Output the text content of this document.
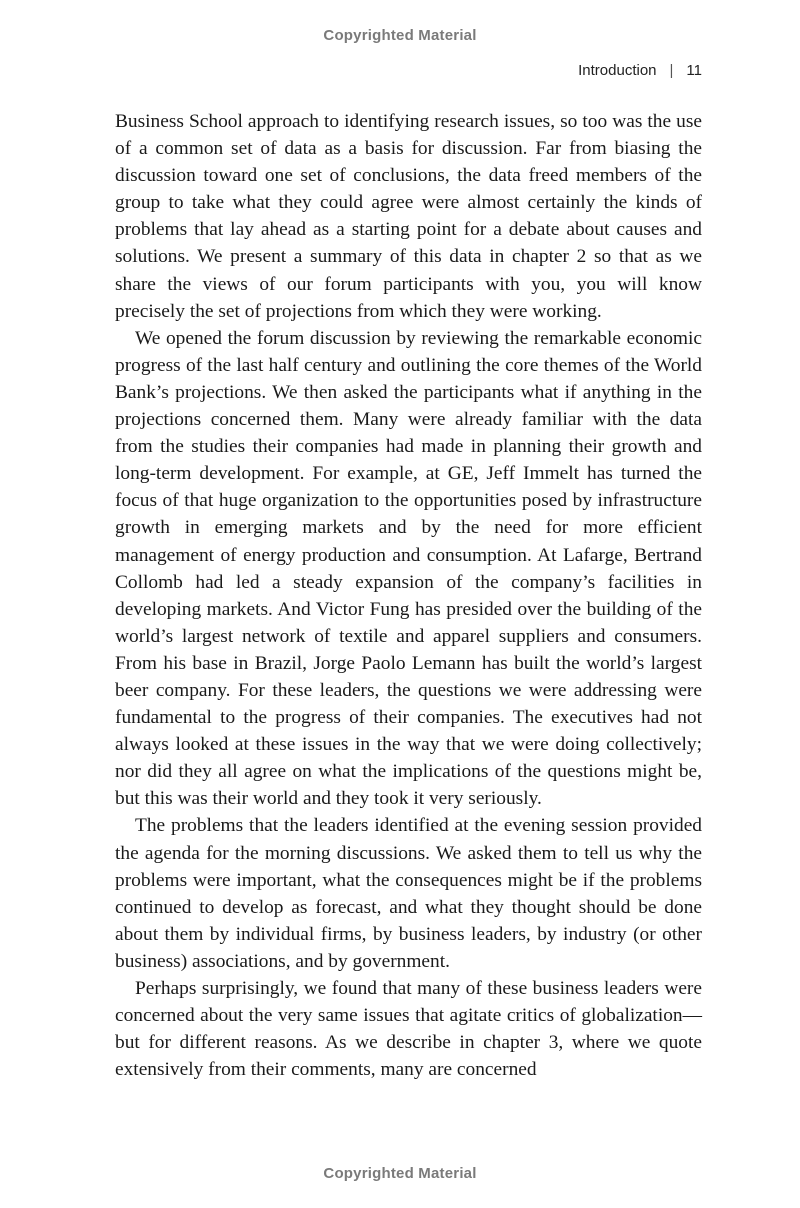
Copyrighted Material
Introduction | 11

Business School approach to identifying research issues, so too was the use of a common set of data as a basis for discussion. Far from biasing the discussion toward one set of conclusions, the data freed members of the group to take what they could agree were almost certainly the kinds of problems that lay ahead as a starting point for a debate about causes and solutions. We present a summary of this data in chapter 2 so that as we share the views of our forum participants with you, you will know precisely the set of projections from which they were working.

We opened the forum discussion by reviewing the remarkable economic progress of the last half century and outlining the core themes of the World Bank’s projections. We then asked the participants what if anything in the projections concerned them. Many were already familiar with the data from the studies their companies had made in planning their growth and long-term development. For example, at GE, Jeff Immelt has turned the focus of that huge organization to the opportunities posed by infrastructure growth in emerging markets and by the need for more efficient management of energy production and consumption. At Lafarge, Bertrand Collomb had led a steady expansion of the company’s facilities in developing markets. And Victor Fung has presided over the building of the world’s largest network of textile and apparel suppliers and consumers. From his base in Brazil, Jorge Paolo Lemann has built the world’s largest beer company. For these leaders, the questions we were addressing were fundamental to the progress of their companies. The executives had not always looked at these issues in the way that we were doing collectively; nor did they all agree on what the implications of the questions might be, but this was their world and they took it very seriously.

The problems that the leaders identified at the evening session provided the agenda for the morning discussions. We asked them to tell us why the problems were important, what the consequences might be if the problems continued to develop as forecast, and what they thought should be done about them by individual firms, by business leaders, by industry (or other business) associations, and by government.

Perhaps surprisingly, we found that many of these business leaders were concerned about the very same issues that agitate critics of globalization—but for different reasons. As we describe in chapter 3, where we quote extensively from their comments, many are concerned

Copyrighted Material
